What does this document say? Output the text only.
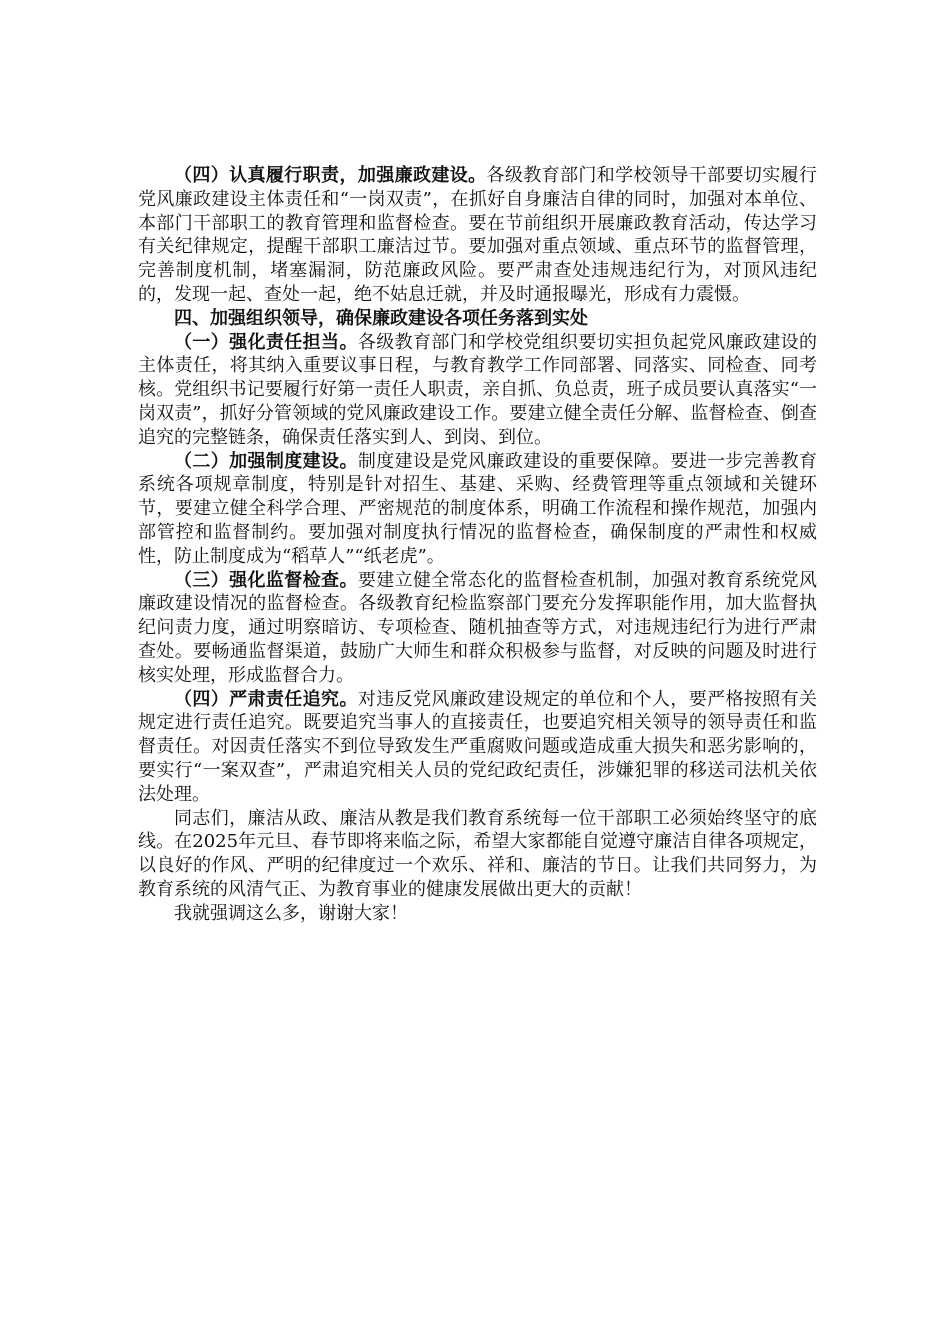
（四）认真履行职责，加强廉政建设。各级教育部门和学校领导干部要切实履行党风廉政建设主体责任和“一岗双责”，在抓好自身廉洁自律的同时，加强对本单位、本部门干部职工的教育管理和监督检查。要在节前组织开展廉政教育活动，传达学习有关纪律规定，提醒干部职工廉洁过节。要加强对重点领域、重点环节的监督管理，完善制度机制，堵塞漏洞，防范廉政风险。要严肃查处违规违纪行为，对顶风违纪的，发现一起、查处一起，绝不姑息迁就，并及时通报曝光，形成有力震慑。

四、加强组织领导，确保廉政建设各项任务落到实处

（一）强化责任担当。各级教育部门和学校党组织要切实担负起党风廉政建设的主体责任，将其纳入重要议事日程，与教育教学工作同部署、同落实、同检查、同考核。党组织书记要履行好第一责任人职责，亲自抓、负总责，班子成员要认真落实“一岗双责”，抓好分管领域的党风廉政建设工作。要建立健全责任分解、监督检查、倒查追究的完整链条，确保责任落实到人、到岗、到位。

（二）加强制度建设。制度建设是党风廉政建设的重要保障。要进一步完善教育系统各项规章制度，特别是针对招生、基建、采购、经费管理等重点领域和关键环节，要建立健全科学合理、严密规范的制度体系，明确工作流程和操作规范，加强内部管控和监督制约。要加强对制度执行情况的监督检查，确保制度的严肃性和权威性，防止制度成为“稻草人”“纸老虎”。

（三）强化监督检查。要建立健全常态化的监督检查机制，加强对教育系统党风廉政建设情况的监督检查。各级教育纪检监察部门要充分发挥职能作用，加大监督执纪问责力度，通过明察暗访、专项检查、随机抽查等方式，对违规违纪行为进行严肃查处。要畅通监督渠道，鼓励广大师生和群众积极参与监督，对反映的问题及时进行核实处理，形成监督合力。

（四）严肃责任追究。对违反党风廉政建设规定的单位和个人，要严格按照有关规定进行责任追究。既要追究当事人的直接责任，也要追究相关领导的领导责任和监督责任。对因责任落实不到位导致发生严重腐败问题或造成重大损失和恶劣影响的，要实行“一案双查”，严肃追究相关人员的党纪政纪责任，涉嫌犯罪的移送司法机关依法处理。

同志们，廉洁从政、廉洁从教是我们教育系统每一位干部职工必须始终坚守的底线。在2025年元旦、春节即将来临之际，希望大家都能自觉遵守廉洁自律各项规定，以良好的作风、严明的纪律度过一个欢乐、祥和、廉洁的节日。让我们共同努力，为教育系统的风清气正、为教育事业的健康发展做出更大的贡献！

我就强调这么多，谢谢大家！
